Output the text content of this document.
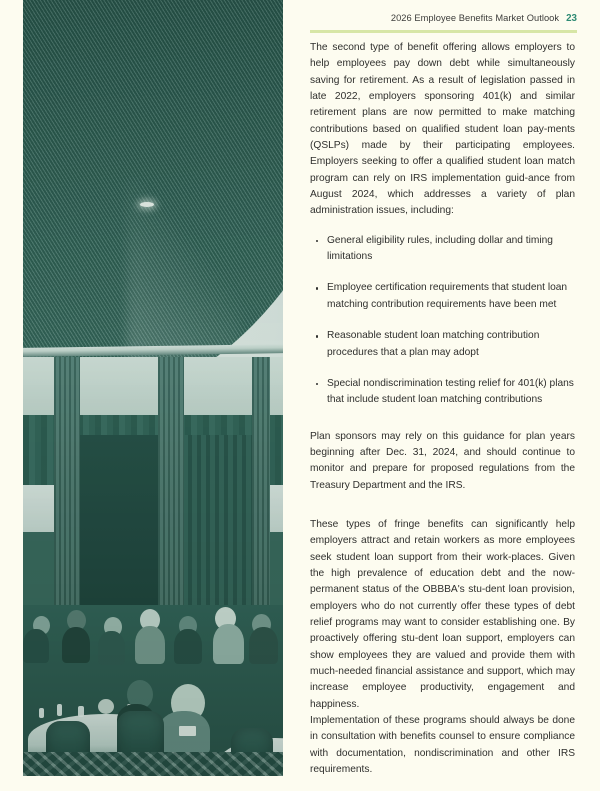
2026 Employee Benefits Market Outlook 23

The second type of benefit offering allows employers to help employees pay down debt while simultaneously saving for retirement. As a result of legislation passed in late 2022, employers sponsoring 401(k) and similar retirement plans are now permitted to make matching contributions based on qualified student loan pay-ments (QSLPs) made by their participating employees. Employers seeking to offer a qualified student loan match program can rely on IRS implementation guid-ance from August 2024, which addresses a variety of plan administration issues, including:

General eligibility rules, including dollar and timing limitations
Employee certification requirements that student loan matching contribution requirements have been met
Reasonable student loan matching contribution procedures that a plan may adopt
Special nondiscrimination testing relief for 401(k) plans that include student loan matching contributions

Plan sponsors may rely on this guidance for plan years beginning after Dec. 31, 2024, and should continue to monitor and prepare for proposed regulations from the Treasury Department and the IRS.

These types of fringe benefits can significantly help employers attract and retain workers as more employees seek student loan support from their work-places. Given the high prevalence of education debt and the now-permanent status of the OBBBA's stu-dent loan provision, employers who do not currently offer these types of debt relief programs may want to consider establishing one. By proactively offering stu-dent loan support, employers can show employees they are valued and provide them with much-needed financial assistance and support, which may increase employee productivity, engagement and happiness.

Implementation of these programs should always be done in consultation with benefits counsel to ensure compliance with documentation, nondiscrimination and other IRS requirements.
